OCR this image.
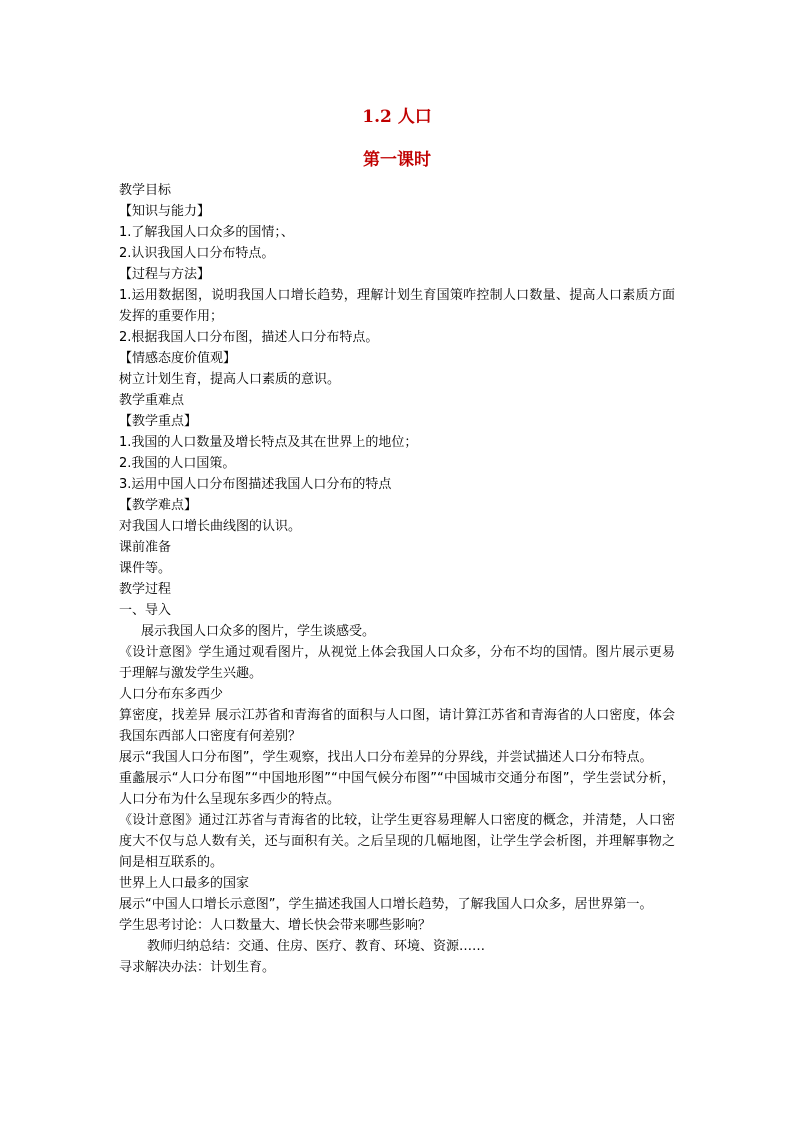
1.2 人口
第一课时

教学目标

【知识与能力】

1.了解我国人口众多的国情；、

2.认识我国人口分布特点。

【过程与方法】

1.运用数据图，说明我国人口增长趋势，理解计划生育国策咋控制人口数量、提高人口素质方面发挥的重要作用；

2.根据我国人口分布图，描述人口分布特点。

【情感态度价值观】

树立计划生育，提高人口素质的意识。

教学重难点

【教学重点】

1.我国的人口数量及增长特点及其在世界上的地位；

2.我国的人口国策。

3.运用中国人口分布图描述我国人口分布的特点

【教学难点】

对我国人口增长曲线图的认识。

课前准备

课件等。

教学过程

一、导入

展示我国人口众多的图片，学生谈感受。

《设计意图》学生通过观看图片，从视觉上体会我国人口众多，分布不均的国情。图片展示更易于理解与激发学生兴趣。

人口分布东多西少

算密度，找差异 展示江苏省和青海省的面积与人口图，请计算江苏省和青海省的人口密度，体会我国东西部人口密度有何差别？

展示“我国人口分布图”，学生观察，找出人口分布差异的分界线，并尝试描述人口分布特点。

重蠡展示“人口分布图”“中国地形图”“中国气候分布图”“中国城市交通分布图”，学生尝试分析，人口分布为什么呈现东多西少的特点。

《设计意图》通过江苏省与青海省的比较，让学生更容易理解人口密度的概念，并清楚，人口密度大不仅与总人数有关，还与面积有关。之后呈现的几幅地图，让学生学会析图，并理解事物之间是相互联系的。

世界上人口最多的国家

展示“中国人口增长示意图”，学生描述我国人口增长趋势，了解我国人口众多，居世界第一。

学生思考讨论：人口数量大、增长快会带来哪些影响？

教师归纳总结：交通、住房、医疗、教育、环境、资源……

寻求解决办法：计划生育。
